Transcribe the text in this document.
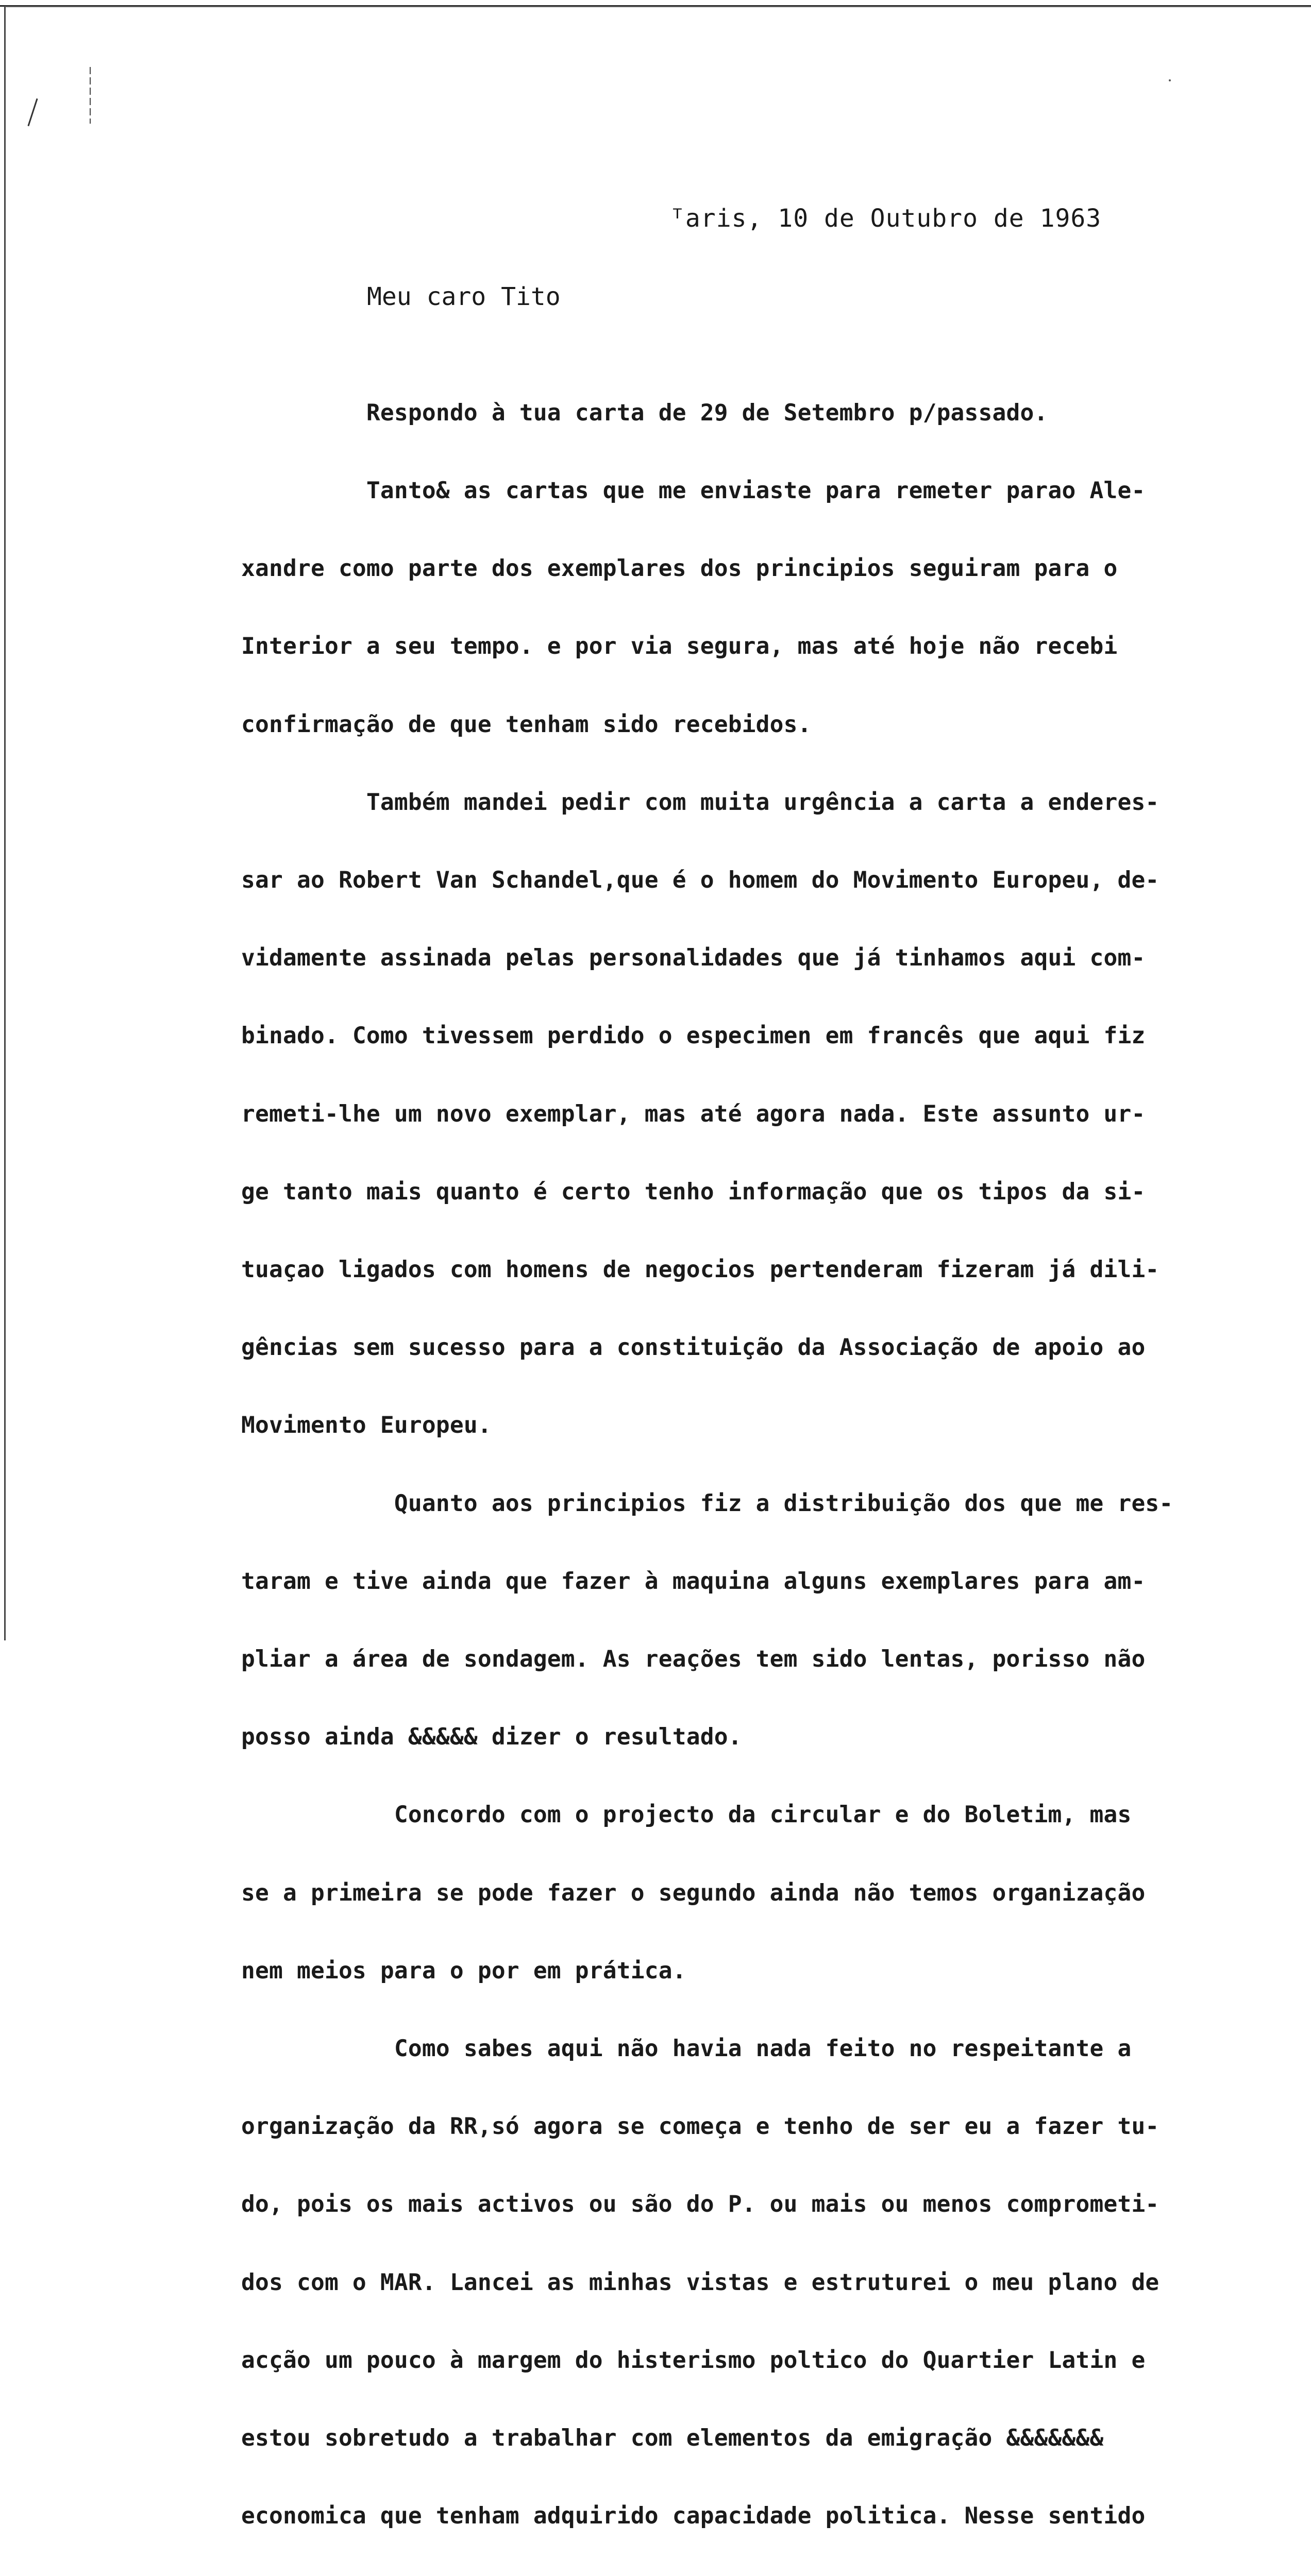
ᵀaris, 10 de Outubro de 1963
Meu caro Tito

Respondo à tua carta de 29 de Setembro p/passado.

Tanto& as cartas que me enviaste para remeter parao Ale-

xandre como parte dos exemplares dos principios seguiram para o

Interior a seu tempo. e por via segura, mas até hoje não recebi

confirmação de que tenham sido recebidos.

Também mandei pedir com muita urgência a carta a enderes-

sar ao Robert Van Schandel,que é o homem do Movimento Europeu, de-

vidamente assinada pelas personalidades que já tinhamos aqui com-

binado. Como tivessem perdido o especimen em francês que aqui fiz

remeti-lhe um novo exemplar, mas até agora nada. Este assunto ur-

ge tanto mais quanto é certo tenho informação que os tipos da si-

tuaçao ligados com homens de negocios pertenderam fizeram já dili-

gências sem sucesso para a constituição da Associação de apoio ao

Movimento Europeu.

Quanto aos principios fiz a distribuição dos que me res-

taram e tive ainda que fazer à maquina alguns exemplares para am-

pliar a área de sondagem. As reações tem sido lentas, porisso não

posso ainda &&&&& dizer o resultado.

Concordo com o projecto da circular e do Boletim, mas

se a primeira se pode fazer o segundo ainda não temos organização

nem meios para o por em prática.

Como sabes aqui não havia nada feito no respeitante a

organização da RR,só agora se começa e tenho de ser eu a fazer tu-

do, pois os mais activos ou são do P. ou mais ou menos comprometi-

dos com o MAR. Lancei as minhas vistas e estruturei o meu plano de

acção um pouco à margem do histerismo poltico do Quartier Latin e

estou sobretudo a trabalhar com elementos da emigração &&&&&&&

economica que tenham adquirido capacidade politica. Nesse sentido
